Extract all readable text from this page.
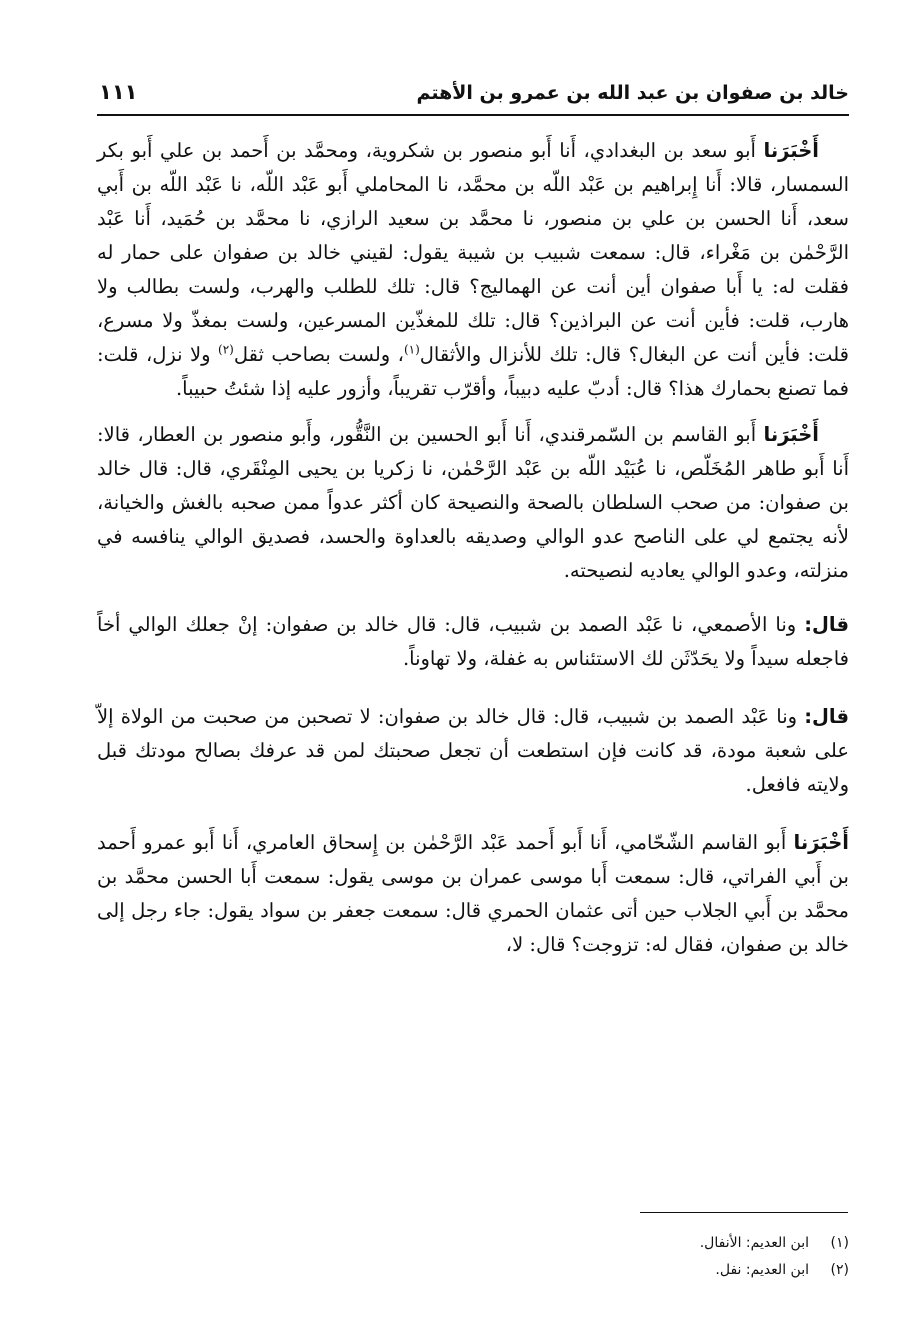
خالد بن صفوان بن عبد الله بن عمرو بن الأهتم
١١١

أَخْبَرَنا أَبو سعد بن البغدادي، أَنا أَبو منصور بن شكروية، ومحمَّد بن أَحمد بن علي أَبو بكر السمسار، قالا: أَنا إِبراهيم بن عَبْد اللّه بن محمَّد، نا المحاملي أَبو عَبْد اللّه، نا عَبْد اللّه بن أَبي سعد، أَنا الحسن بن علي بن منصور، نا محمَّد بن سعيد الرازي، نا محمَّد بن حُمَيد، أَنا عَبْد الرَّحْمٰن بن مَغْراء، قال: سمعت شبيب بن شيبة يقول: لقيني خالد بن صفوان على حمار له فقلت له: يا أَبا صفوان أين أنت عن الهماليج؟ قال: تلك للطلب والهرب، ولست بطالب ولا هارب، قلت: فأين أنت عن البراذين؟ قال: تلك للمغذّين المسرعين، ولست بمغذّ ولا مسرع، قلت: فأين أنت عن البغال؟ قال: تلك للأنزال والأثقال$^{(١)}$، ولست بصاحب ثقل$^{(٢)}$ ولا نزل، قلت: فما تصنع بحمارك هذا؟ قال: أدبّ عليه دبيباً، وأقرّب تقريباً، وأزور عليه إذا شئتُ حبيباً.

أَخْبَرَنا أَبو القاسم بن السّمرقندي، أَنا أَبو الحسين بن النَّقُّور، وأَبو منصور بن العطار، قالا: أَنا أَبو طاهر المُخَلّص، نا عُبَيْد اللّه بن عَبْد الرَّحْمٰن، نا زكريا بن يحيى المِنْقَري، قال: قال خالد بن صفوان: من صحب السلطان بالصحة والنصيحة كان أكثر عدواً ممن صحبه بالغش والخيانة، لأنه يجتمع لي على الناصح عدو الوالي وصديقه بالعداوة والحسد، فصديق الوالي ينافسه في منزلته، وعدو الوالي يعاديه لنصيحته.

قال: ونا الأصمعي، نا عَبْد الصمد بن شبيب، قال: قال خالد بن صفوان: إنْ جعلك الوالي أخاً فاجعله سيداً ولا يحَدّثَن لك الاستئناس به غفلة، ولا تهاوناً.

قال: ونا عَبْد الصمد بن شبيب، قال: قال خالد بن صفوان: لا تصحبن من صحبت من الولاة إلاّ على شعبة مودة، قد كانت فإن استطعت أن تجعل صحبتك لمن قد عرفك بصالح مودتك قبل ولايته فافعل.

أَخْبَرَنا أَبو القاسم الشّحّامي، أَنا أَبو أَحمد عَبْد الرَّحْمٰن بن إِسحاق العامري، أَنا أَبو عمرو أَحمد بن أَبي الفراتي، قال: سمعت أَبا موسى عمران بن موسى يقول: سمعت أَبا الحسن محمَّد بن محمَّد بن أَبي الجلاب حين أتى عثمان الحمري قال: سمعت جعفر بن سواد يقول: جاء رجل إلى خالد بن صفوان، فقال له: تزوجت؟ قال: لا،

(١)ابن العديم: الأنفال.

(٢)ابن العديم: نفل.
